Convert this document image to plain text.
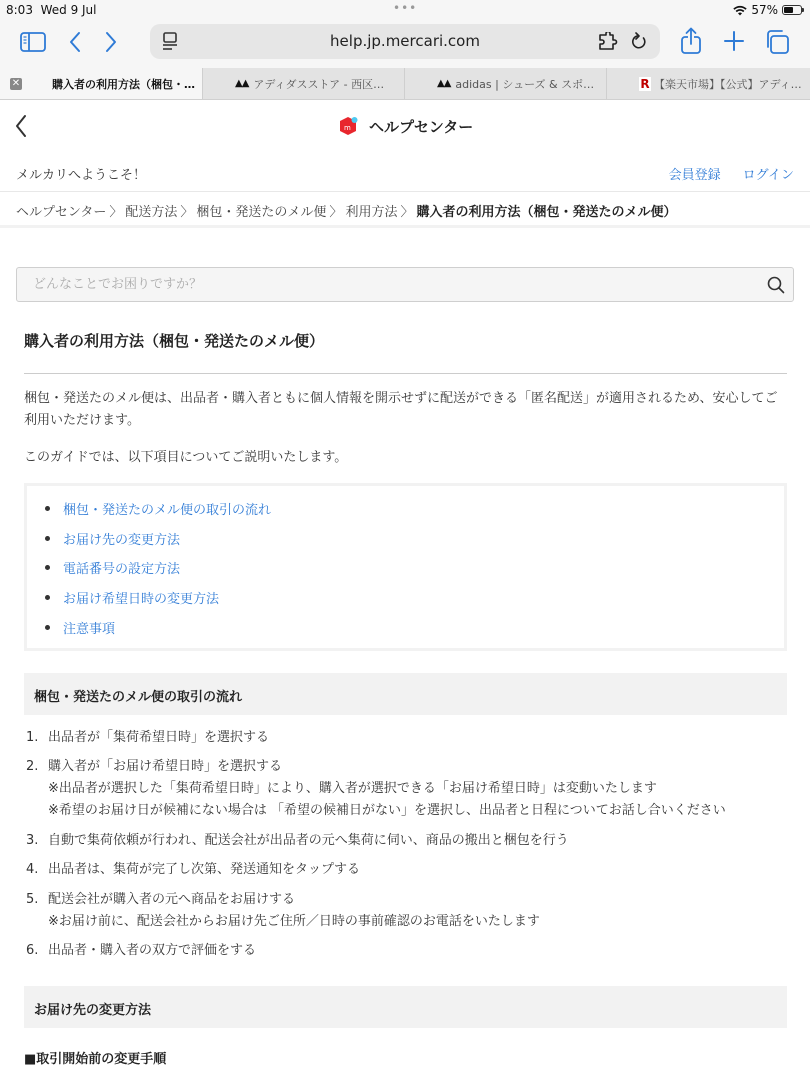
8:03 Wed 9 Jul	•••	57%
help.jp.mercari.com
✕	購入者の利用方法（梱包・…	▲▲ アディダスストア - 西区…	▲▲ adidas | シューズ & スポ…	R 【楽天市場】【公式】アディ…
m ヘルプセンター
メルカリへようこそ！	会員登録 ログイン
ヘルプセンター 〉 配送方法 〉 梱包・発送たのメル便 〉 利用方法 〉 購入者の利用方法（梱包・発送たのメル便）
どんなことでお困りですか？
購入者の利用方法（梱包・発送たのメル便）

梱包・発送たのメル便は、出品者・購入者ともに個人情報を開示せずに配送ができる「匿名配送」が適用されるため、安心してご利用いただけます。

このガイドでは、以下項目についてご説明いたします。

梱包・発送たのメル便の取引の流れ
お届け先の変更方法
電話番号の設定方法
お届け希望日時の変更方法
注意事項
梱包・発送たのメル便の取引の流れ
1. 出品者が「集荷希望日時」を選択する
2. 購入者が「お届け希望日時」を選択する
※出品者が選択した「集荷希望日時」により、購入者が選択できる「お届け希望日時」は変動いたします
※希望のお届け日が候補にない場合は 「希望の候補日がない」を選択し、出品者と日程についてお話し合いください
3. 自動で集荷依頼が行われ、配送会社が出品者の元へ集荷に伺い、商品の搬出と梱包を行う
4. 出品者は、集荷が完了し次第、発送通知をタップする
5. 配送会社が購入者の元へ商品をお届けする
※お届け前に、配送会社からお届け先ご住所／日時の事前確認のお電話をいたします
6. 出品者・購入者の双方で評価をする
お届け先の変更方法
■取引開始前の変更手順
